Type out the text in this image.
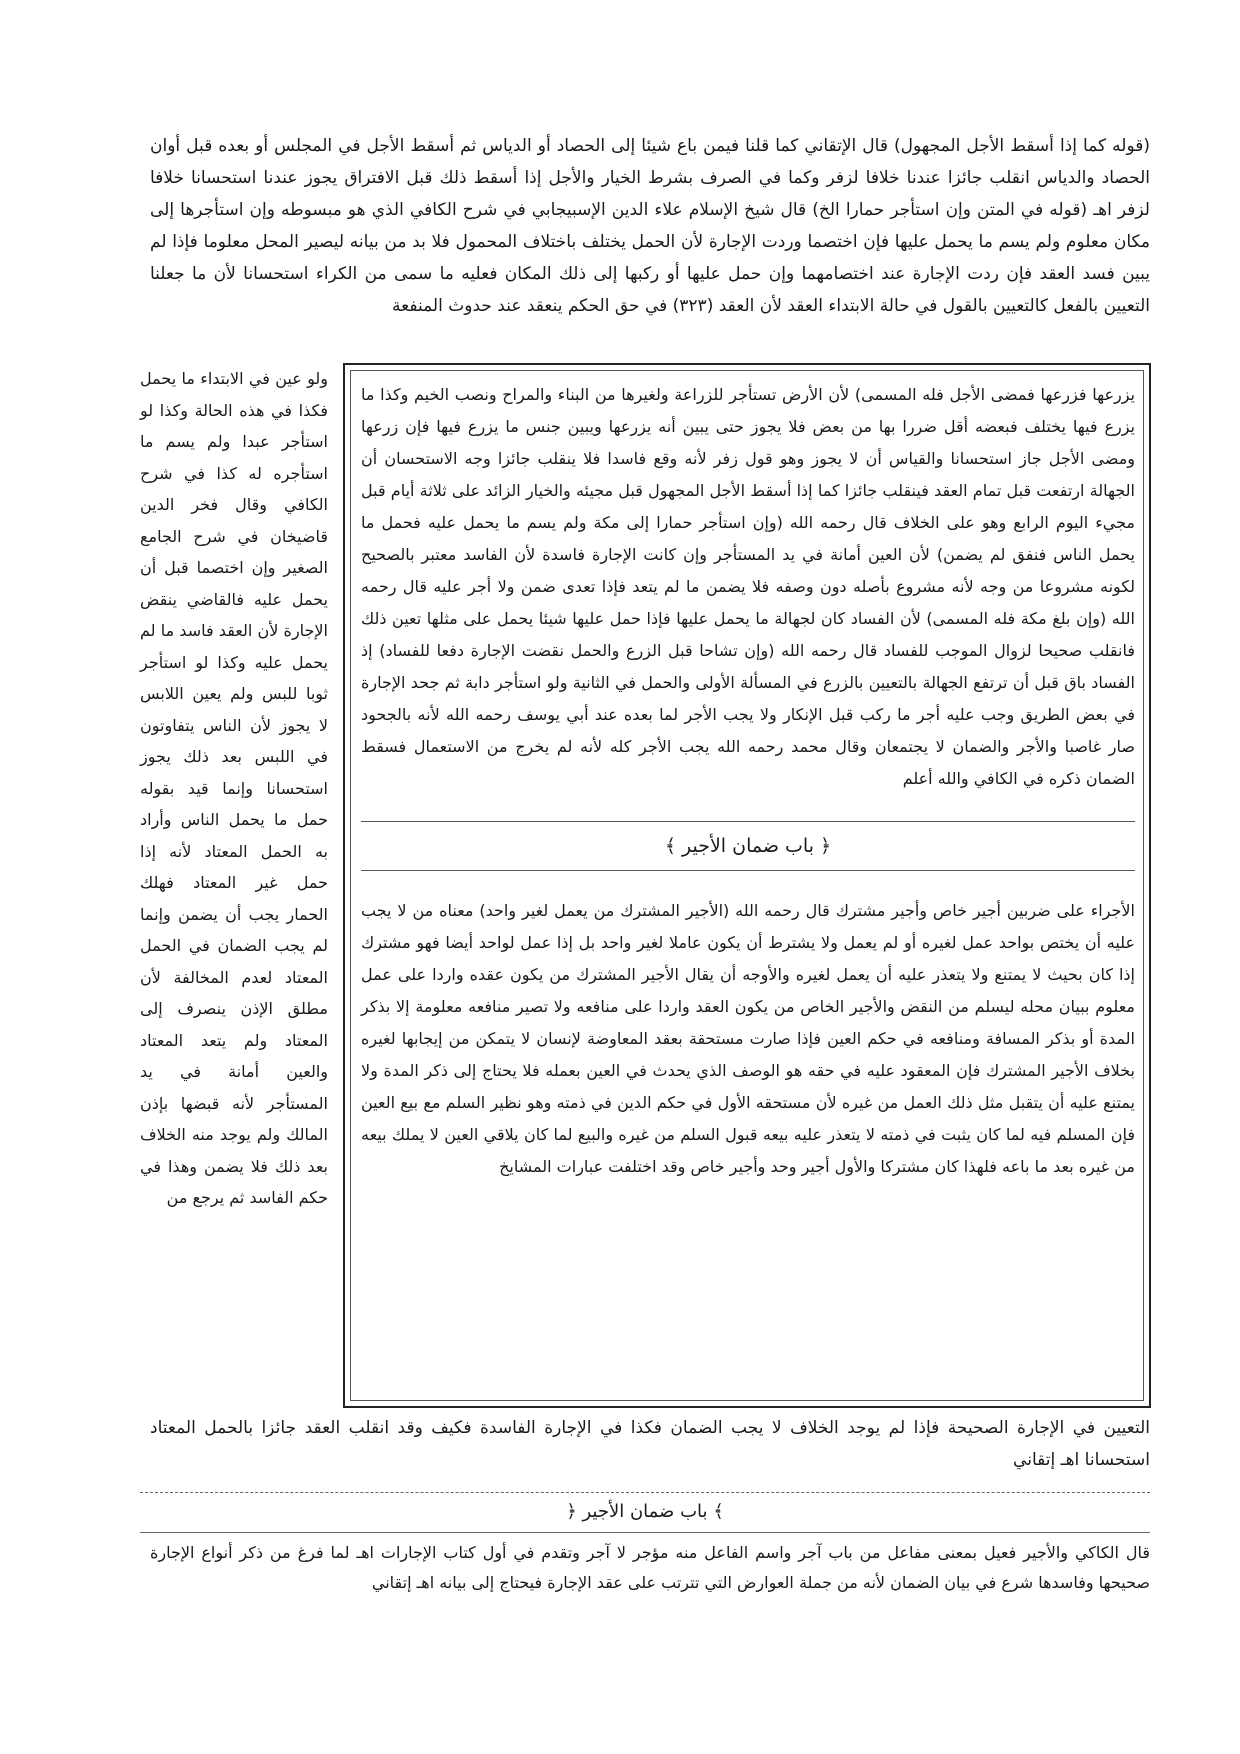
(قوله كما إذا أسقط الأجل المجهول) قال الإتقاني كما قلنا فيمن باع شيئا إلى الحصاد أو الدياس ثم أسقط الأجل في المجلس أو بعده قبل أوان الحصاد والدياس انقلب جائزا عندنا خلافا لزفر وكما في الصرف بشرط الخيار والأجل إذا أسقط ذلك قبل الافتراق يجوز عندنا استحسانا خلافا لزفر اهـ (قوله في المتن وإن استأجر حمارا الخ) قال شيخ الإسلام علاء الدين الإسبيجابي في شرح الكافي الذي هو مبسوطه وإن استأجرها إلى مكان معلوم ولم يسم ما يحمل عليها فإن اختصما وردت الإجارة لأن الحمل يختلف باختلاف المحمول فلا بد من بيانه ليصير المحل معلوما فإذا لم يبين فسد العقد فإن ردت الإجارة عند اختصامهما وإن حمل عليها أو ركبها إلى ذلك المكان فعليه ما سمى من الكراء استحسانا لأن ما جعلنا التعيين بالفعل كالتعيين بالقول في حالة الابتداء العقد لأن العقد (٣٢٣) في حق الحكم ينعقد عند حدوث المنفعة

يزرعها فزرعها فمضى الأجل فله المسمى) لأن الأرض تستأجر للزراعة ولغيرها من البناء والمراح ونصب الخيم وكذا ما يزرع فيها يختلف فبعضه أقل ضررا بها من بعض فلا يجوز حتى يبين أنه يزرعها ويبين جنس ما يزرع فيها فإن زرعها ومضى الأجل جاز استحسانا والقياس أن لا يجوز وهو قول زفر لأنه وقع فاسدا فلا ينقلب جائزا وجه الاستحسان أن الجهالة ارتفعت قبل تمام العقد فينقلب جائزا كما إذا أسقط الأجل المجهول قبل مجيئه والخيار الزائد على ثلاثة أيام قبل مجيء اليوم الرابع وهو على الخلاف قال رحمه الله (وإن استأجر حمارا إلى مكة ولم يسم ما يحمل عليه فحمل ما يحمل الناس فنفق لم يضمن) لأن العين أمانة في يد المستأجر وإن كانت الإجارة فاسدة لأن الفاسد معتبر بالصحيح لكونه مشروعا من وجه لأنه مشروع بأصله دون وصفه فلا يضمن ما لم يتعد فإذا تعدى ضمن ولا أجر عليه قال رحمه الله (وإن بلغ مكة فله المسمى) لأن الفساد كان لجهالة ما يحمل عليها فإذا حمل عليها شيئا يحمل على مثلها تعين ذلك فانقلب صحيحا لزوال الموجب للفساد قال رحمه الله (وإن تشاحا قبل الزرع والحمل نقضت الإجارة دفعا للفساد) إذ الفساد باق قبل أن ترتفع الجهالة بالتعيين بالزرع في المسألة الأولى والحمل في الثانية ولو استأجر دابة ثم جحد الإجارة في بعض الطريق وجب عليه أجر ما ركب قبل الإنكار ولا يجب الأجر لما بعده عند أبي يوسف رحمه الله لأنه بالجحود صار غاصبا والأجر والضمان لا يجتمعان وقال محمد رحمه الله يجب الأجر كله لأنه لم يخرج من الاستعمال فسقط الضمان ذكره في الكافي والله أعلم

﴿ باب ضمان الأجير ﴾

الأجراء على ضربين أجير خاص وأجير مشترك قال رحمه الله (الأجير المشترك من يعمل لغير واحد) معناه من لا يجب عليه أن يختص بواحد عمل لغيره أو لم يعمل ولا يشترط أن يكون عاملا لغير واحد بل إذا عمل لواحد أيضا فهو مشترك إذا كان بحيث لا يمتنع ولا يتعذر عليه أن يعمل لغيره والأوجه أن يقال الأجير المشترك من يكون عقده واردا على عمل معلوم ببيان محله ليسلم من النقض والأجير الخاص من يكون العقد واردا على منافعه ولا تصير منافعه معلومة إلا بذكر المدة أو بذكر المسافة ومنافعه في حكم العين فإذا صارت مستحقة بعقد المعاوضة لإنسان لا يتمكن من إيجابها لغيره بخلاف الأجير المشترك فإن المعقود عليه في حقه هو الوصف الذي يحدث في العين بعمله فلا يحتاج إلى ذكر المدة ولا يمتنع عليه أن يتقبل مثل ذلك العمل من غيره لأن مستحقه الأول في حكم الدين في ذمته وهو نظير السلم مع بيع العين فإن المسلم فيه لما كان يثبت في ذمته لا يتعذر عليه بيعه قبول السلم من غيره والبيع لما كان يلاقي العين لا يملك بيعه من غيره بعد ما باعه فلهذا كان مشتركا والأول أجير وحد وأجير خاص وقد اختلفت عبارات المشايخ

ولو عين في الابتداء ما يحمل فكذا في هذه الحالة وكذا لو استأجر عبدا ولم يسم ما استأجره له كذا في شرح الكافي وقال فخر الدين قاضيخان في شرح الجامع الصغير وإن اختصما قبل أن يحمل عليه فالقاضي ينقض الإجارة لأن العقد فاسد ما لم يحمل عليه وكذا لو استأجر ثوبا للبس ولم يعين اللابس لا يجوز لأن الناس يتفاوتون في اللبس بعد ذلك يجوز استحسانا وإنما قيد بقوله حمل ما يحمل الناس وأراد به الحمل المعتاد لأنه إذا حمل غير المعتاد فهلك الحمار يجب أن يضمن وإنما لم يجب الضمان في الحمل المعتاد لعدم المخالفة لأن مطلق الإذن ينصرف إلى المعتاد ولم يتعد المعتاد والعين أمانة في يد المستأجر لأنه قبضها بإذن المالك ولم يوجد منه الخلاف بعد ذلك فلا يضمن وهذا في حكم الفاسد ثم يرجع من

التعيين في الإجارة الصحيحة فإذا لم يوجد الخلاف لا يجب الضمان فكذا في الإجارة الفاسدة فكيف وقد انقلب العقد جائزا بالحمل المعتاد استحسانا اهـ إتقاني

﴿ باب ضمان الأجير ﴾

قال الكاكي والأجير فعيل بمعنى مفاعل من باب آجر واسم الفاعل منه مؤجر لا آجر وتقدم في أول كتاب الإجارات اهـ لما فرغ من ذكر أنواع الإجارة صحيحها وفاسدها شرع في بيان الضمان لأنه من جملة العوارض التي تترتب على عقد الإجارة فيحتاج إلى بيانه اهـ إتقاني
